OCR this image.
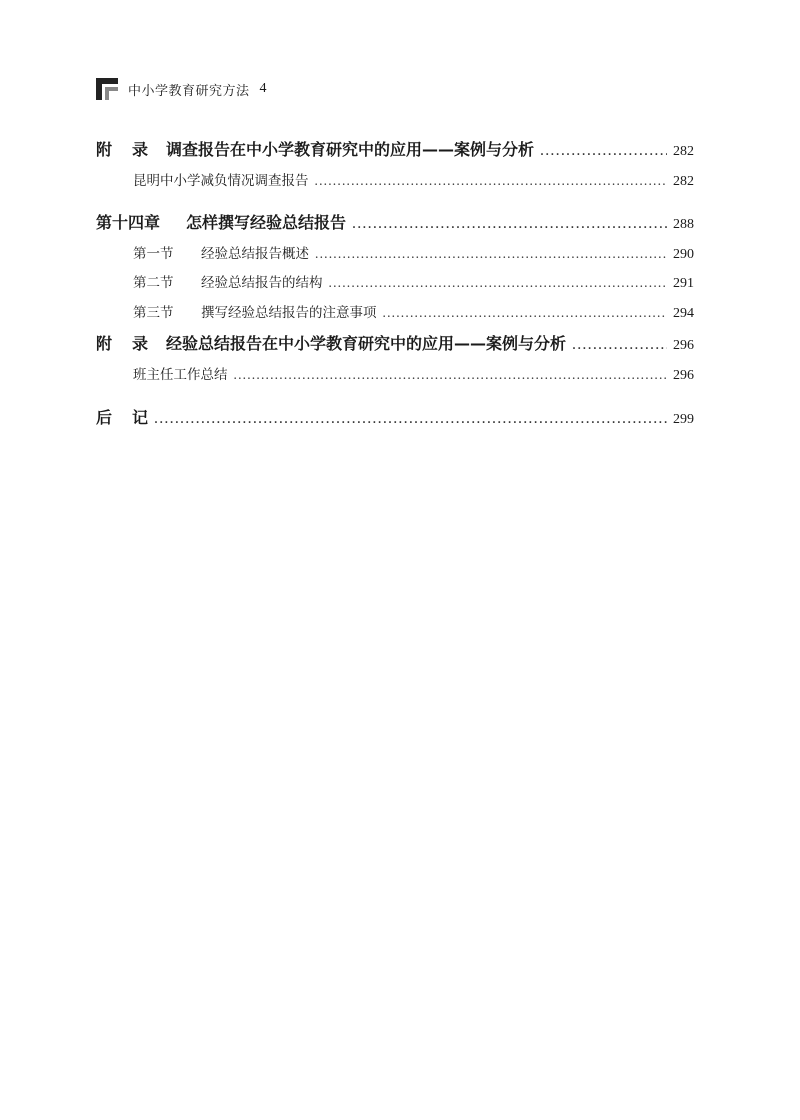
中小学教育研究方法 4
附 录 调查报告在中小学教育研究中的应用——案例与分析 .....	282
昆明中小学减负情况调查报告 .....	282
第十四章 怎样撰写经验总结报告 .....	288
第一节 经验总结报告概述 .....	290
第二节 经验总结报告的结构 .....	291
第三节 撰写经验总结报告的注意事项 .....	294
附 录 经验总结报告在中小学教育研究中的应用——案例与分析 .....	296
班主任工作总结 .....	296
后 记 .....	299
